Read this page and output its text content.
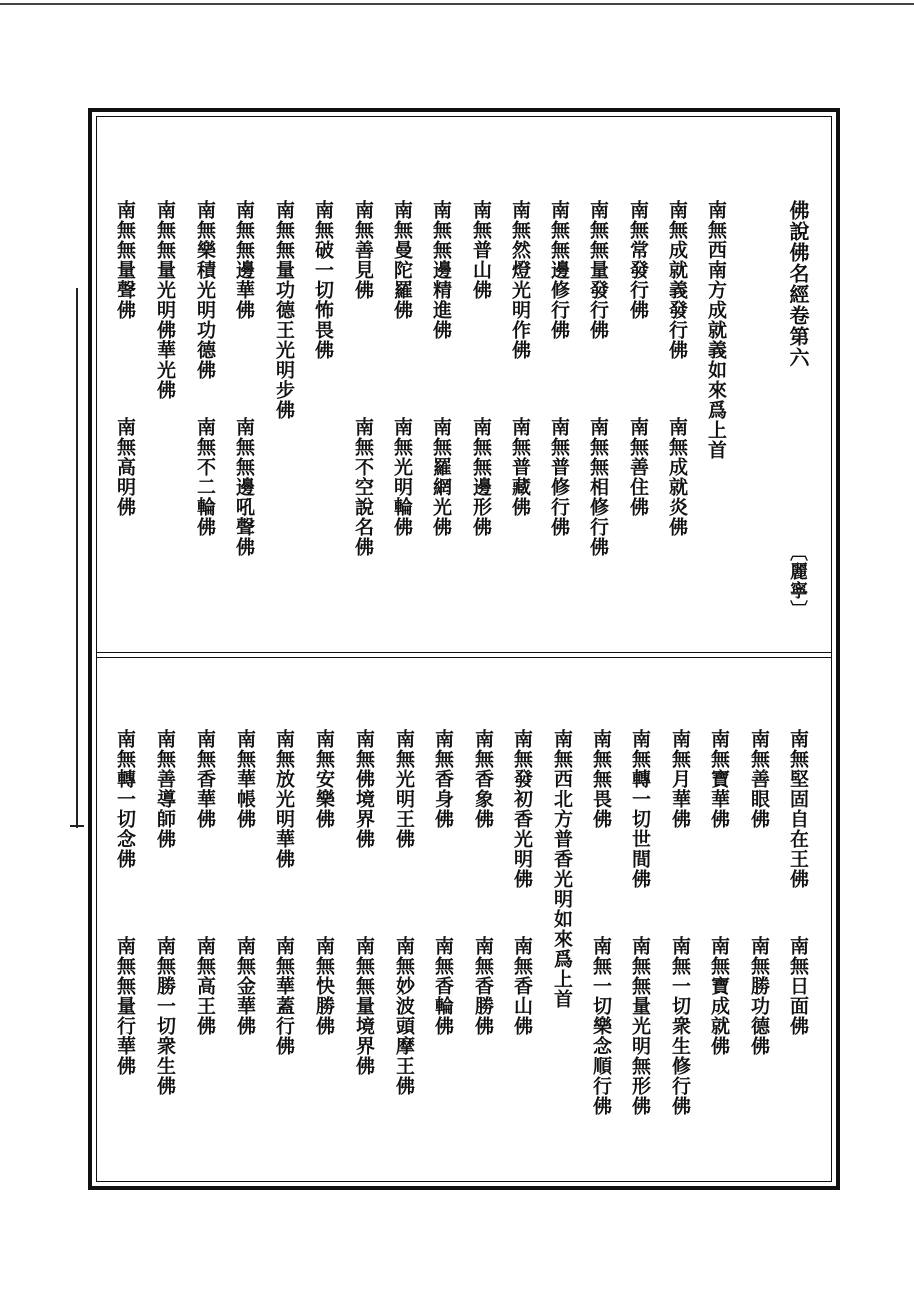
佛說佛名經卷第六
〔麗寧〕
南無西南方成就義如來爲上首
南無成就義發行佛
南無成就炎佛
南無常發行佛
南無善住佛
南無無量發行佛
南無無相修行佛
南無無邊修行佛
南無普修行佛
南無然燈光明作佛
南無普藏佛
南無普山佛
南無無邊形佛
南無無邊精進佛
南無羅網光佛
南無曼陀羅佛
南無光明輪佛
南無善見佛
南無不空說名佛
南無破一切怖畏佛
南無無量功德王光明步佛
南無無邊華佛
南無無邊吼聲佛
南無樂積光明功德佛
南無不二輪佛
南無無量光明佛華光佛
南無無量聲佛
南無高明佛
南無堅固自在王佛
南無日面佛
南無善眼佛
南無勝功德佛
南無寶華佛
南無寶成就佛
南無月華佛
南無一切衆生修行佛
南無轉一切世間佛
南無無量光明無形佛
南無無畏佛
南無一切樂念順行佛
南無西北方普香光明如來爲上首
南無發初香光明佛
南無香山佛
南無香象佛
南無香勝佛
南無香身佛
南無香輪佛
南無光明王佛
南無妙波頭摩王佛
南無佛境界佛
南無無量境界佛
南無安樂佛
南無快勝佛
南無放光明華佛
南無華蓋行佛
南無華帳佛
南無金華佛
南無香華佛
南無高王佛
南無善導師佛
南無勝一切衆生佛
南無轉一切念佛
南無無量行華佛
